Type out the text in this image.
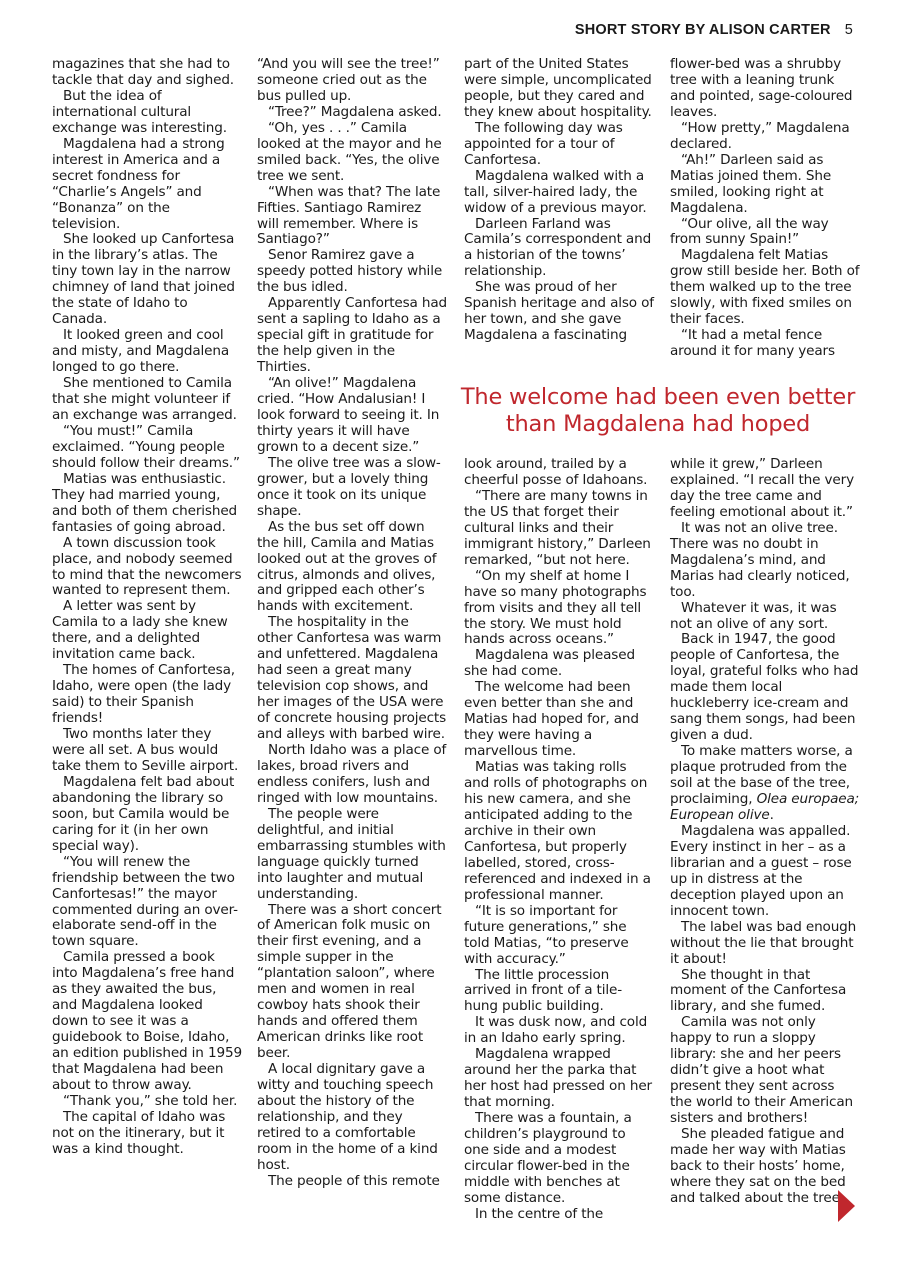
SHORT STORY BY ALISON CARTER 5

magazines that she had to tackle that day and sighed.

But the idea of international cultural exchange was interesting.

Magdalena had a strong interest in America and a secret fondness for “Charlie’s Angels” and “Bonanza” on the television.

She looked up Canfortesa in the library’s atlas. The tiny town lay in the narrow chimney of land that joined the state of Idaho to Canada.

It looked green and cool and misty, and Magdalena longed to go there.

She mentioned to Camila that she might volunteer if an exchange was arranged.

“You must!” Camila exclaimed. “Young people should follow their dreams.”

Matias was enthusiastic. They had married young, and both of them cherished fantasies of going abroad.

A town discussion took place, and nobody seemed to mind that the newcomers wanted to represent them.

A letter was sent by Camila to a lady she knew there, and a delighted invitation came back.

The homes of Canfortesa, Idaho, were open (the lady said) to their Spanish friends!

Two months later they were all set. A bus would take them to Seville airport.

Magdalena felt bad about abandoning the library so soon, but Camila would be caring for it (in her own special way).

“You will renew the friendship between the two Canfortesas!” the mayor commented during an over-elaborate send-off in the town square.

Camila pressed a book into Magdalena’s free hand as they awaited the bus, and Magdalena looked down to see it was a guidebook to Boise, Idaho, an edition published in 1959 that Magdalena had been about to throw away.

“Thank you,” she told her.

The capital of Idaho was not on the itinerary, but it was a kind thought.

“And you will see the tree!” someone cried out as the bus pulled up.

“Tree?” Magdalena asked.

“Oh, yes . . .” Camila looked at the mayor and he smiled back. “Yes, the olive tree we sent.

“When was that? The late Fifties. Santiago Ramirez will remember. Where is Santiago?”

Senor Ramirez gave a speedy potted history while the bus idled.

Apparently Canfortesa had sent a sapling to Idaho as a special gift in gratitude for the help given in the Thirties.

“An olive!” Magdalena cried. “How Andalusian! I look forward to seeing it. In thirty years it will have grown to a decent size.”

The olive tree was a slow-grower, but a lovely thing once it took on its unique shape.

As the bus set off down the hill, Camila and Matias looked out at the groves of citrus, almonds and olives, and gripped each other’s hands with excitement.

The hospitality in the other Canfortesa was warm and unfettered. Magdalena had seen a great many television cop shows, and her images of the USA were of concrete housing projects and alleys with barbed wire.

North Idaho was a place of lakes, broad rivers and endless conifers, lush and ringed with low mountains.

The people were delightful, and initial embarrassing stumbles with language quickly turned into laughter and mutual understanding.

There was a short concert of American folk music on their first evening, and a simple supper in the “plantation saloon”, where men and women in real cowboy hats shook their hands and offered them American drinks like root beer.

A local dignitary gave a witty and touching speech about the history of the relationship, and they retired to a comfortable room in the home of a kind host.

The people of this remote

part of the United States were simple, uncomplicated people, but they cared and they knew about hospitality.

The following day was appointed for a tour of Canfortesa.

Magdalena walked with a tall, silver-haired lady, the widow of a previous mayor.

Darleen Farland was Camila’s correspondent and a historian of the towns’ relationship.

She was proud of her Spanish heritage and also of her town, and she gave Magdalena a fascinating

flower-bed was a shrubby tree with a leaning trunk and pointed, sage-coloured leaves.

“How pretty,” Magdalena declared.

“Ah!” Darleen said as Matias joined them. She smiled, looking right at Magdalena.

“Our olive, all the way from sunny Spain!”

Magdalena felt Matias grow still beside her. Both of them walked up to the tree slowly, with fixed smiles on their faces.

“It had a metal fence around it for many years

The welcome had been even better than Magdalena had hoped

look around, trailed by a cheerful posse of Idahoans.

“There are many towns in the US that forget their cultural links and their immigrant history,” Darleen remarked, “but not here.

“On my shelf at home I have so many photographs from visits and they all tell the story. We must hold hands across oceans.”

Magdalena was pleased she had come.

The welcome had been even better than she and Matias had hoped for, and they were having a marvellous time.

Matias was taking rolls and rolls of photographs on his new camera, and she anticipated adding to the archive in their own Canfortesa, but properly labelled, stored, cross-referenced and indexed in a professional manner.

“It is so important for future generations,” she told Matias, “to preserve with accuracy.”

The little procession arrived in front of a tile-hung public building.

It was dusk now, and cold in an Idaho early spring.

Magdalena wrapped around her the parka that her host had pressed on her that morning.

There was a fountain, a children’s playground to one side and a modest circular flower-bed in the middle with benches at some distance.

In the centre of the

while it grew,” Darleen explained. “I recall the very day the tree came and feeling emotional about it.”

It was not an olive tree. There was no doubt in Magdalena’s mind, and Marias had clearly noticed, too.

Whatever it was, it was not an olive of any sort.

Back in 1947, the good people of Canfortesa, the loyal, grateful folks who had made them local huckleberry ice-cream and sang them songs, had been given a dud.

To make matters worse, a plaque protruded from the soil at the base of the tree, proclaiming, Olea europaea; European olive.

Magdalena was appalled. Every instinct in her – as a librarian and a guest – rose up in distress at the deception played upon an innocent town.

The label was bad enough without the lie that brought it about!

She thought in that moment of the Canfortesa library, and she fumed.

Camila was not only happy to run a sloppy library: she and her peers didn’t give a hoot what present they sent across the world to their American sisters and brothers!

She pleaded fatigue and made her way with Matias back to their hosts’ home, where they sat on the bed and talked about the tree.
